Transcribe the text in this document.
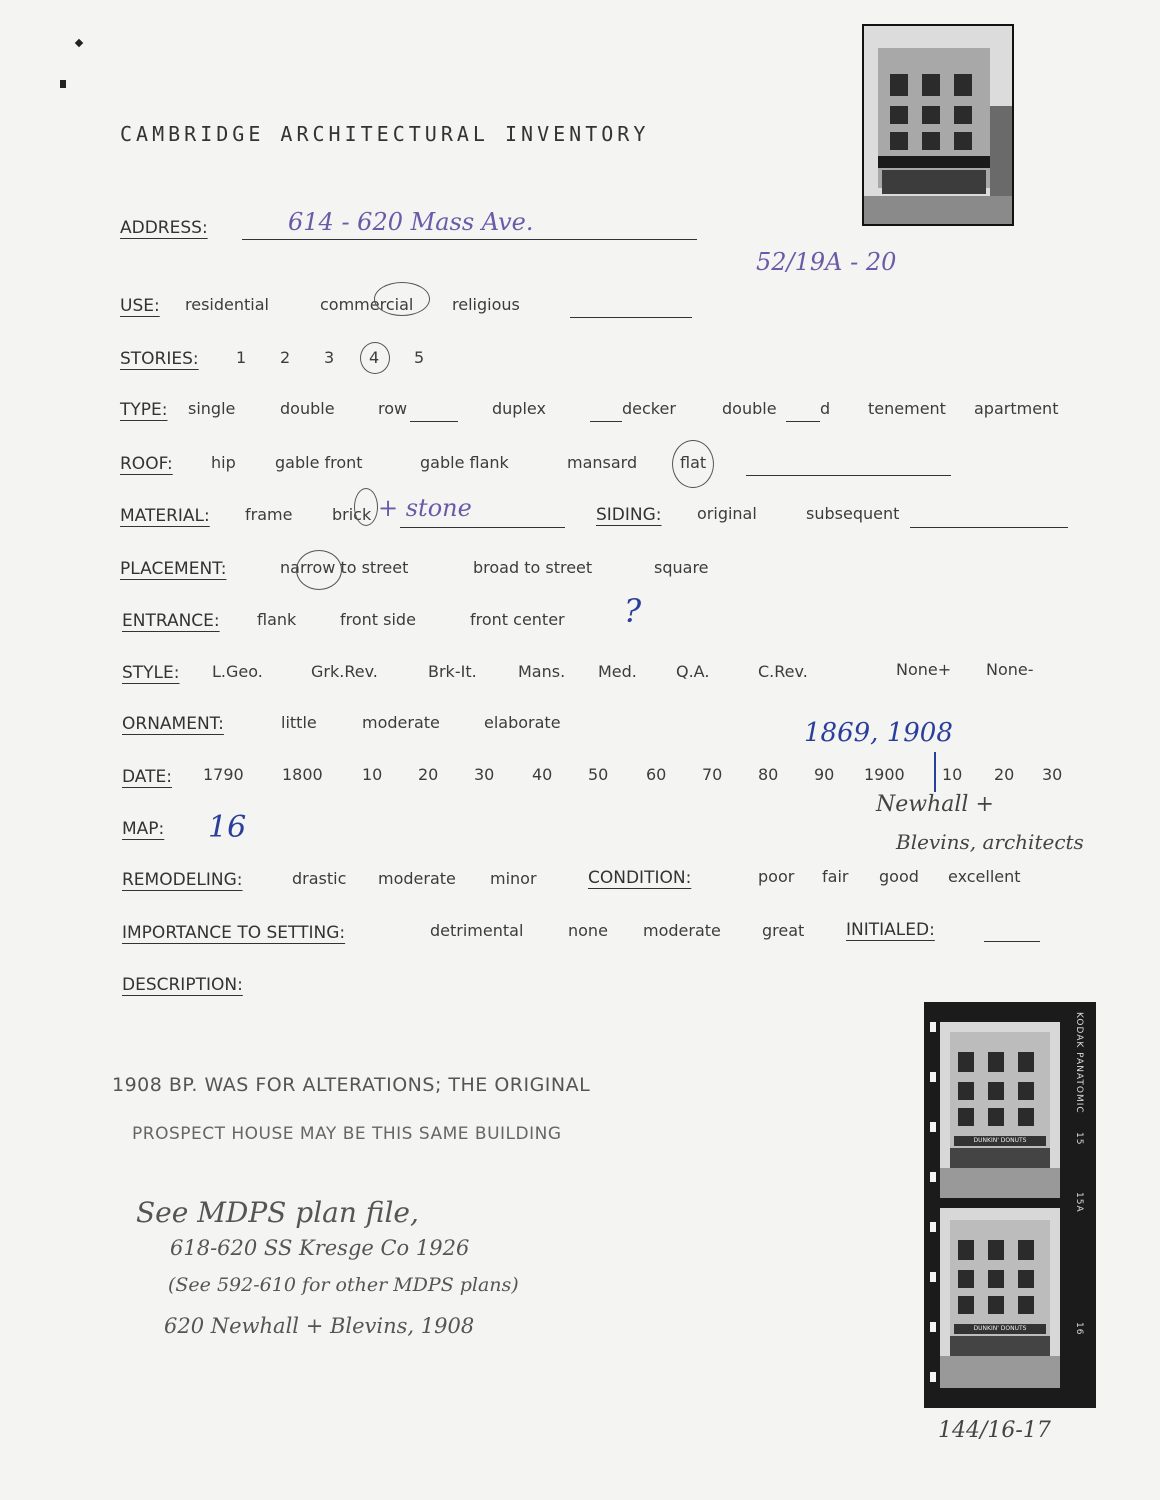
CAMBRIDGE ARCHITECTURAL INVENTORY
ADDRESS:	614 - 620 Mass Ave.
52/19A - 20
USE: residential	commercial religious
STORIES: 1 2 3 4 5
TYPE: single	double	row	duplex	decker	double	d tenement apartment
ROOF: hip gable front	gable flank	mansard	flat
MATERIAL: frame brick + stone	SIDING: original	subsequent
PLACEMENT:	narrow to street	broad to street	square
ENTRANCE: flank	front side	front center ?
STYLE: L.Geo.	Grk.Rev.	Brk-It.	Mans. Med. Q.A.	C.Rev.	None+ None-
ORNAMENT:	little	moderate	elaborate	1869, 1908
DATE: 1790 1800 10 20 30 40 50 60 70 80 90 1900 10 20 30
Newhall +
Blevins, architects
MAP: 16
REMODELING:	drastic moderate minor	CONDITION:	poor fair good excellent
IMPORTANCE TO SETTING:	detrimental	none moderate	great INITIALED:
DESCRIPTION:
1908 BP. WAS FOR ALTERATIONS; THE ORIGINAL
PROSPECT HOUSE MAY BE THIS SAME BUILDING
See MDPS plan file,
618-620 SS Kresge Co 1926
(See 592-610 for other MDPS plans)
620 Newhall + Blevins, 1908
DUNKIN' DONUTS
DUNKIN' DONUTS
KODAK PANATOMIC
15A
15
16
144/16-17
